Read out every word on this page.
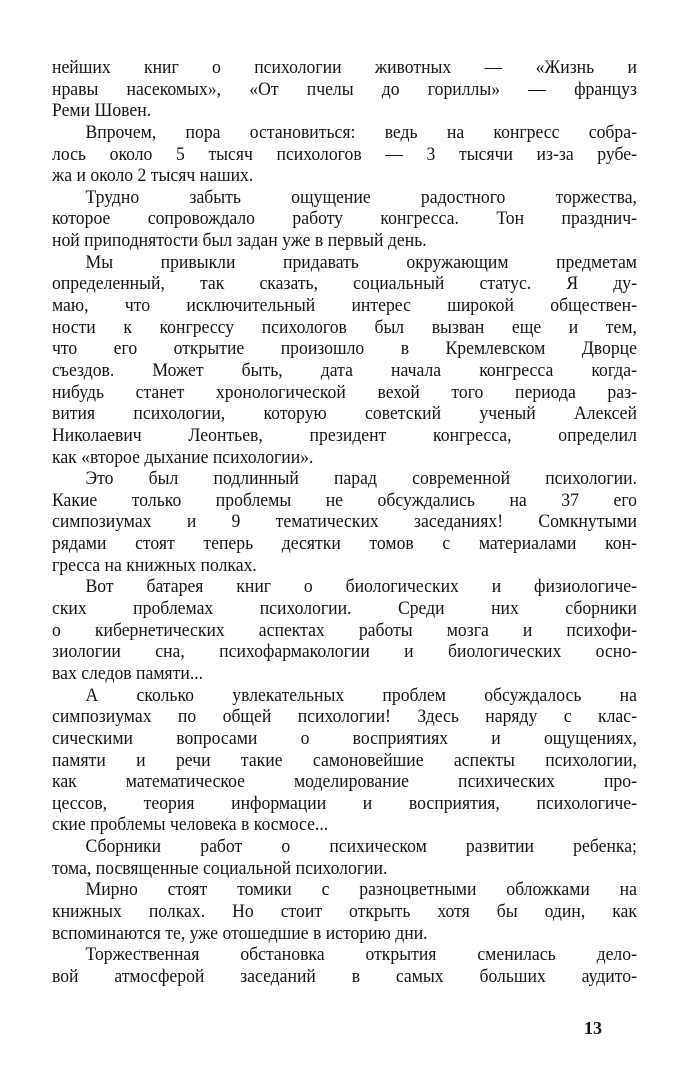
нейших книг о психологии животных — «Жизнь и
нравы насекомых», «От пчелы до гориллы» — француз
Реми Шовен.
Впрочем, пора остановиться: ведь на конгресс собра-
лось около 5 тысяч психологов — 3 тысячи из-за рубе-
жа и около 2 тысяч наших.
Трудно забыть ощущение радостного торжества,
которое сопровождало работу конгресса. Тон празднич-
ной приподнятости был задан уже в первый день.
Мы привыкли придавать окружающим предметам
определенный, так сказать, социальный статус. Я ду-
маю, что исключительный интерес широкой обществен-
ности к конгрессу психологов был вызван еще и тем,
что его открытие произошло в Кремлевском Дворце
съездов. Может быть, дата начала конгресса когда-
нибудь станет хронологической вехой того периода раз-
вития психологии, которую советский ученый Алексей
Николаевич Леонтьев, президент конгресса, определил
как «второе дыхание психологии».
Это был подлинный парад современной психологии.
Какие только проблемы не обсуждались на 37 его
симпозиумах и 9 тематических заседаниях! Сомкнутыми
рядами стоят теперь десятки томов с материалами кон-
гресса на книжных полках.
Вот батарея книг о биологических и физиологиче-
ских проблемах психологии. Среди них сборники
о кибернетических аспектах работы мозга и психофи-
зиологии сна, психофармакологии и биологических осно-
вах следов памяти...
А сколько увлекательных проблем обсуждалось на
симпозиумах по общей психологии! Здесь наряду с клас-
сическими вопросами о восприятиях и ощущениях,
памяти и речи такие самоновейшие аспекты психологии,
как математическое моделирование психических про-
цессов, теория информации и восприятия, психологиче-
ские проблемы человека в космосе...
Сборники работ о психическом развитии ребенка;
тома, посвященные социальной психологии.
Мирно стоят томики с разноцветными обложками на
книжных полках. Но стоит открыть хотя бы один, как
вспоминаются те, уже отошедшие в историю дни.
Торжественная обстановка открытия сменилась дело-
вой атмосферой заседаний в самых больших аудито-
13
